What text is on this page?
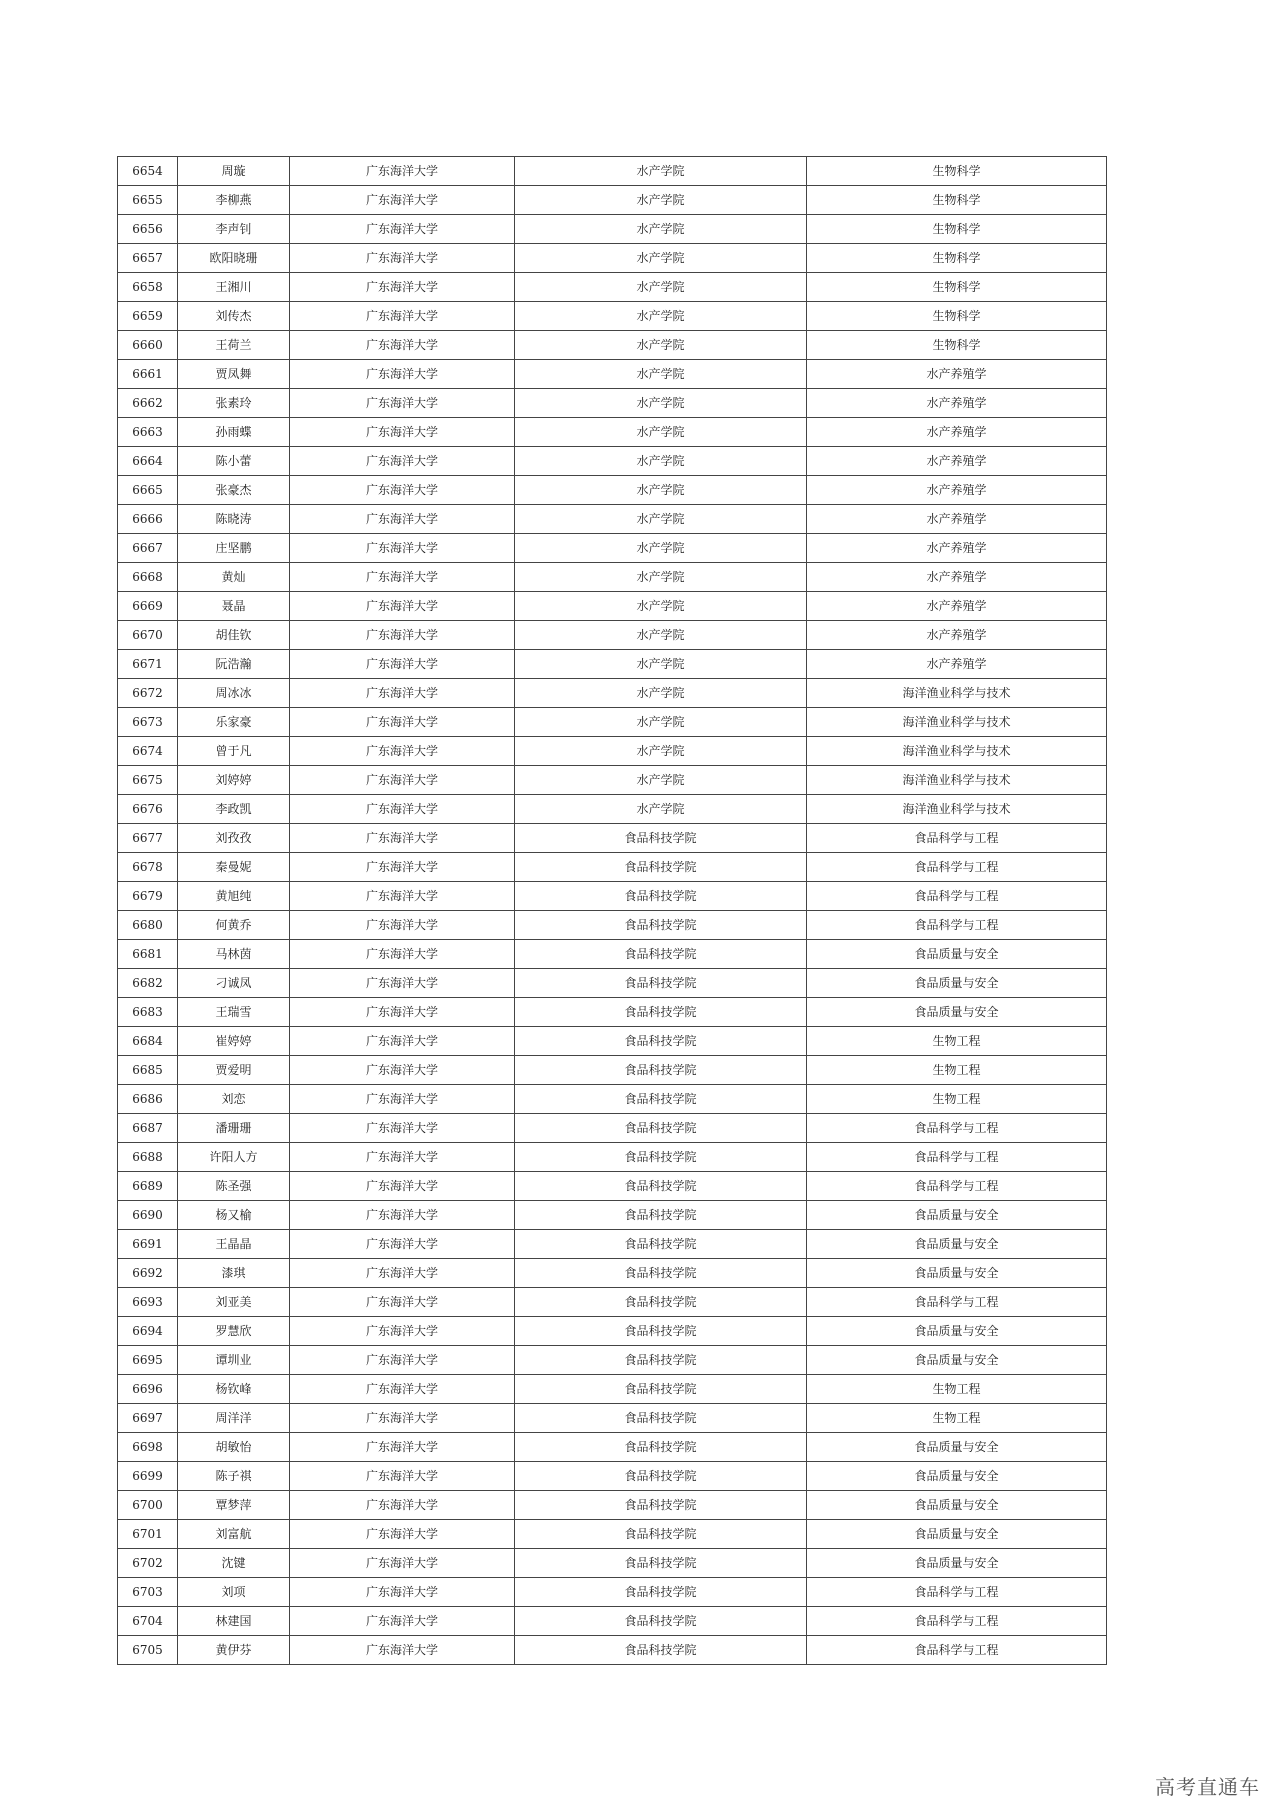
6654	周璇	广东海洋大学	水产学院	生物科学
6655	李柳燕	广东海洋大学	水产学院	生物科学
6656	李声钊	广东海洋大学	水产学院	生物科学
6657	欧阳晓珊	广东海洋大学	水产学院	生物科学
6658	王湘川	广东海洋大学	水产学院	生物科学
6659	刘传杰	广东海洋大学	水产学院	生物科学
6660	王荷兰	广东海洋大学	水产学院	生物科学
6661	贾凤舞	广东海洋大学	水产学院	水产养殖学
6662	张素玲	广东海洋大学	水产学院	水产养殖学
6663	孙雨蝶	广东海洋大学	水产学院	水产养殖学
6664	陈小蕾	广东海洋大学	水产学院	水产养殖学
6665	张豪杰	广东海洋大学	水产学院	水产养殖学
6666	陈晓涛	广东海洋大学	水产学院	水产养殖学
6667	庄坚鹏	广东海洋大学	水产学院	水产养殖学
6668	黄灿	广东海洋大学	水产学院	水产养殖学
6669	聂晶	广东海洋大学	水产学院	水产养殖学
6670	胡佳钦	广东海洋大学	水产学院	水产养殖学
6671	阮浩瀚	广东海洋大学	水产学院	水产养殖学
6672	周冰冰	广东海洋大学	水产学院	海洋渔业科学与技术
6673	乐家豪	广东海洋大学	水产学院	海洋渔业科学与技术
6674	曾于凡	广东海洋大学	水产学院	海洋渔业科学与技术
6675	刘婷婷	广东海洋大学	水产学院	海洋渔业科学与技术
6676	李政凯	广东海洋大学	水产学院	海洋渔业科学与技术
6677	刘孜孜	广东海洋大学	食品科技学院	食品科学与工程
6678	秦曼妮	广东海洋大学	食品科技学院	食品科学与工程
6679	黄旭纯	广东海洋大学	食品科技学院	食品科学与工程
6680	何黄乔	广东海洋大学	食品科技学院	食品科学与工程
6681	马林茵	广东海洋大学	食品科技学院	食品质量与安全
6682	刁诚凤	广东海洋大学	食品科技学院	食品质量与安全
6683	王瑞雪	广东海洋大学	食品科技学院	食品质量与安全
6684	崔婷婷	广东海洋大学	食品科技学院	生物工程
6685	贾爱明	广东海洋大学	食品科技学院	生物工程
6686	刘恋	广东海洋大学	食品科技学院	生物工程
6687	潘珊珊	广东海洋大学	食品科技学院	食品科学与工程
6688	许阳人方	广东海洋大学	食品科技学院	食品科学与工程
6689	陈圣强	广东海洋大学	食品科技学院	食品科学与工程
6690	杨又榆	广东海洋大学	食品科技学院	食品质量与安全
6691	王晶晶	广东海洋大学	食品科技学院	食品质量与安全
6692	漆琪	广东海洋大学	食品科技学院	食品质量与安全
6693	刘亚美	广东海洋大学	食品科技学院	食品科学与工程
6694	罗慧欣	广东海洋大学	食品科技学院	食品质量与安全
6695	谭圳业	广东海洋大学	食品科技学院	食品质量与安全
6696	杨钦峰	广东海洋大学	食品科技学院	生物工程
6697	周洋洋	广东海洋大学	食品科技学院	生物工程
6698	胡敏怡	广东海洋大学	食品科技学院	食品质量与安全
6699	陈子祺	广东海洋大学	食品科技学院	食品质量与安全
6700	覃梦萍	广东海洋大学	食品科技学院	食品质量与安全
6701	刘富航	广东海洋大学	食品科技学院	食品质量与安全
6702	沈键	广东海洋大学	食品科技学院	食品质量与安全
6703	刘项	广东海洋大学	食品科技学院	食品科学与工程
6704	林建国	广东海洋大学	食品科技学院	食品科学与工程
6705	黄伊芬	广东海洋大学	食品科技学院	食品科学与工程
高考直通车
